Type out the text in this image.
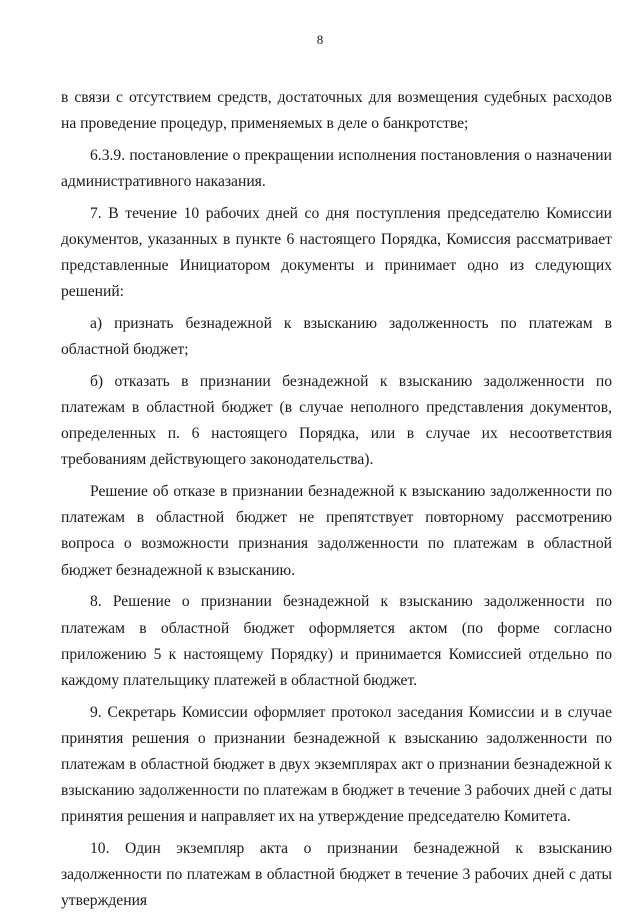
8

в связи с отсутствием средств, достаточных для возмещения судебных расходов на проведение процедур, применяемых в деле о банкротстве;

6.3.9. постановление о прекращении исполнения постановления о назначении административного наказания.

7. В течение 10 рабочих дней со дня поступления председателю Комиссии документов, указанных в пункте 6 настоящего Порядка, Комиссия рассматривает представленные Инициатором документы и принимает одно из следующих решений:

а) признать безнадежной к взысканию задолженность по платежам в областной бюджет;

б) отказать в признании безнадежной к взысканию задолженности по платежам в областной бюджет (в случае неполного представления документов, определенных п. 6 настоящего Порядка, или в случае их несоответствия требованиям действующего законодательства).

Решение об отказе в признании безнадежной к взысканию задолженности по платежам в областной бюджет не препятствует повторному рассмотрению вопроса о возможности признания задолженности по платежам в областной бюджет безнадежной к взысканию.

8. Решение о признании безнадежной к взысканию задолженности по платежам в областной бюджет оформляется актом (по форме согласно приложению 5 к настоящему Порядку) и принимается Комиссией отдельно по каждому плательщику платежей в областной бюджет.

9. Секретарь Комиссии оформляет протокол заседания Комиссии и в случае принятия решения о признании безнадежной к взысканию задолженности по платежам в областной бюджет в двух экземплярах акт о признании безнадежной к взысканию задолженности по платежам в бюджет в течение 3 рабочих дней с даты принятия решения и направляет их на утверждение председателю Комитета.

10. Один экземпляр акта о признании безнадежной к взысканию задолженности по платежам в областной бюджет в течение 3 рабочих дней с даты утверждения
